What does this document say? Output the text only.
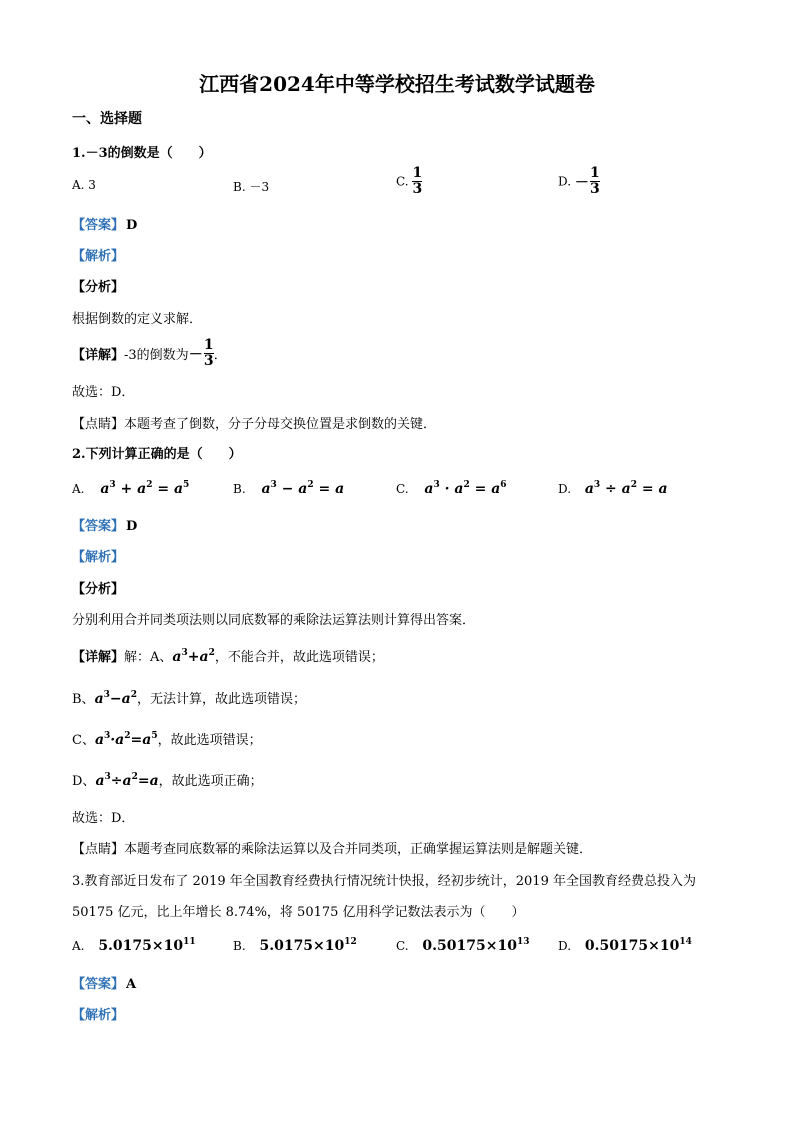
江西省2024年中等学校招生考试数学试题卷
一、选择题
1.－3的倒数是（　　）
A. 3	B. －3	C. $\frac{1}{3}$	D. － $\frac{1}{3}$
【答案】 D
【解析】
【分析】
根据倒数的定义求解．
【详解】-3的倒数为－ $\frac{1}{3}$ ．
故选：D．
【点睛】本题考查了倒数，分子分母交换位置是求倒数的关键．
2.下列计算正确的是（　　）
A. $a^3 + a^2 = a^5$	B. $a^3 - a^2 = a$	C. $a^3 \cdot a^2 = a^6$	D. $a^3 \div a^2 = a$
【答案】 D
【解析】
【分析】
分别利用合并同类项法则以同底数幂的乘除法运算法则计算得出答案．
【详解】解：A、$a^3+a^2$，不能合并，故此选项错误；
B、$a^3-a^2$，无法计算，故此选项错误；
C、$a^3\cdot a^2=a^5$，故此选项错误；
D、$a^3\div a^2=a$，故此选项正确；
故选：D．
【点睛】本题考查同底数幂的乘除法运算以及合并同类项，正确掌握运算法则是解题关键．
3.教育部近日发布了 2019 年全国教育经费执行情况统计快报，经初步统计，2019 年全国教育经费总投入为
50175 亿元，比上年增长 8.74%，将 50175 亿用科学记数法表示为（　　）
A. $5.0175\times 10^{11}$	B. $5.0175\times 10^{12}$	C. $0.50175\times 10^{13}$ D. $0.50175\times 10^{14}$
【答案】 A
【解析】
